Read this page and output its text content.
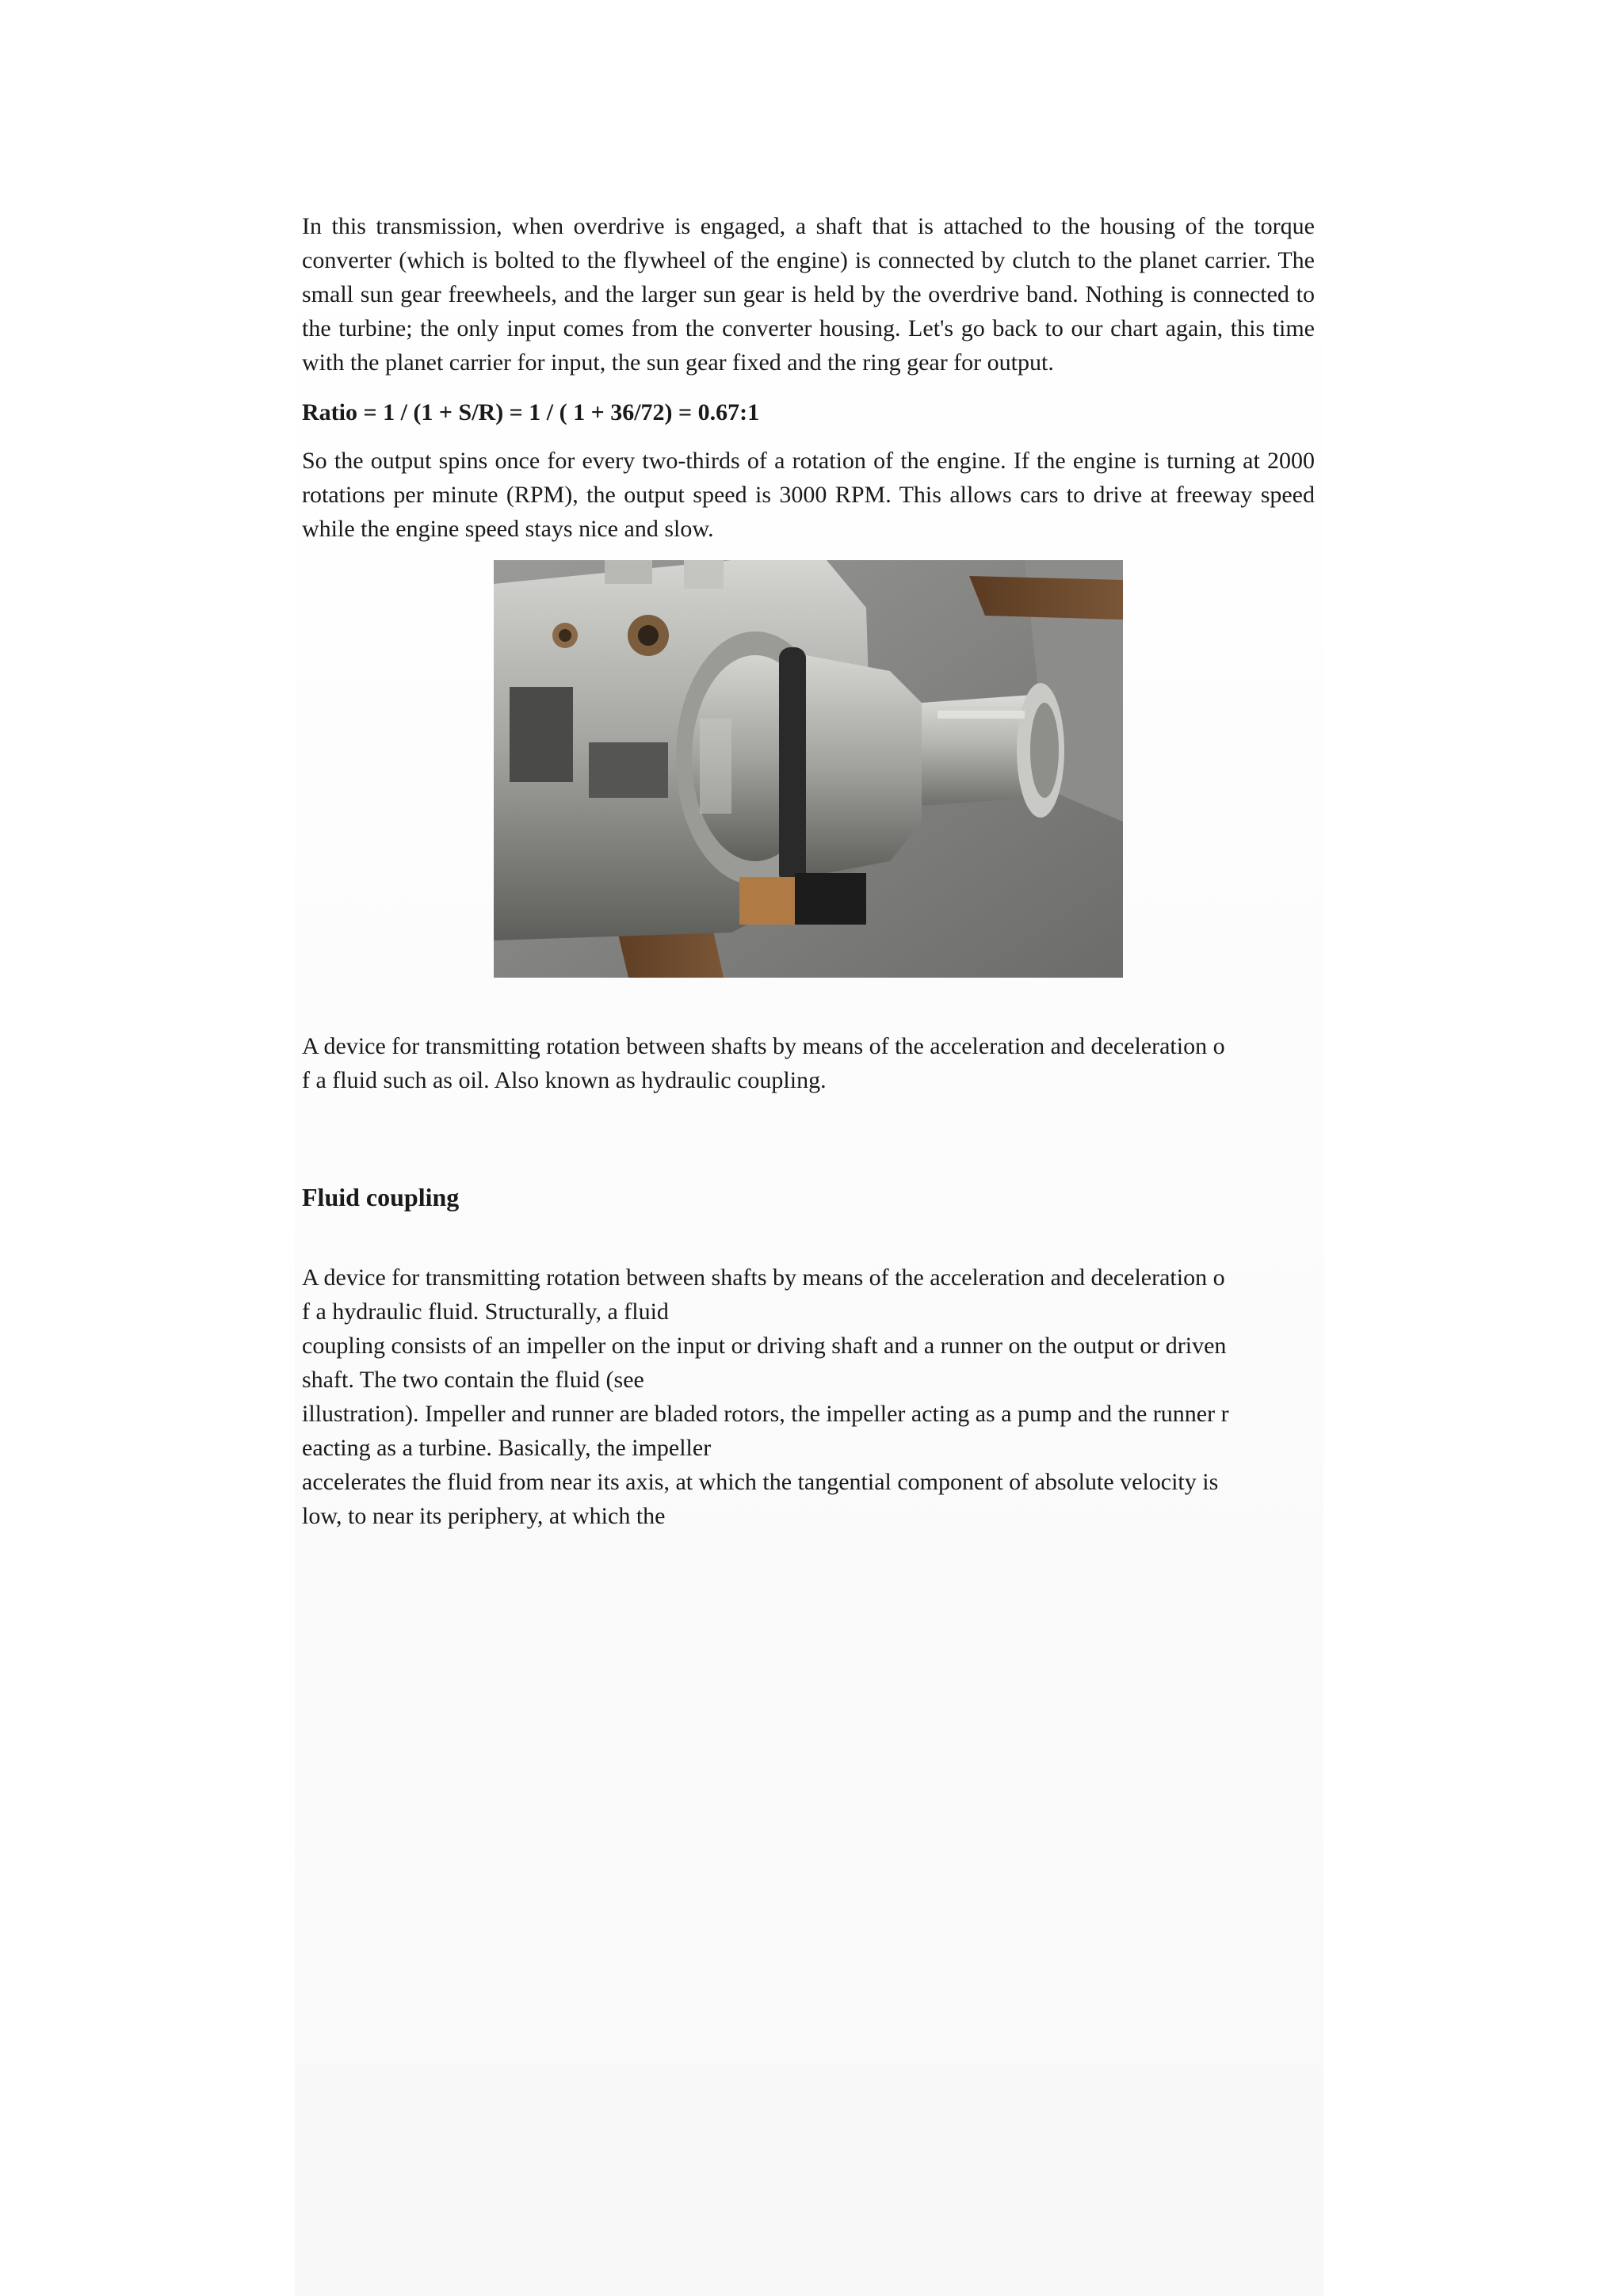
In this transmission, when overdrive is engaged, a shaft that is attached to the housing of the torque converter (which is bolted to the flywheel of the engine) is connected by clutch to the planet carrier. The small sun gear freewheels, and the larger sun gear is held by the overdrive band. Nothing is connected to the turbine; the only input comes from the converter housing. Let's go back to our chart again, this time with the planet carrier for input, the sun gear fixed and the ring gear for output.

Ratio = 1 / (1 + S/R) = 1 / ( 1 + 36/72) = 0.67:1

So the output spins once for every two-thirds of a rotation of the engine. If the engine is turning at 2000 rotations per minute (RPM), the output speed is 3000 RPM. This allows cars to drive at freeway speed while the engine speed stays nice and slow.

A device for transmitting rotation between shafts by means of the acceleration and deceleration o
f a fluid such as oil. Also known as hydraulic coupling.

Fluid coupling

A device for transmitting rotation between shafts by means of the acceleration and deceleration o
f a hydraulic fluid. Structurally, a fluid
coupling consists of an impeller on the input or driving shaft and a runner on the output or driven
shaft. The two contain the fluid (see
illustration). Impeller and runner are bladed rotors, the impeller acting as a pump and the runner r
eacting as a turbine. Basically, the impeller
accelerates the fluid from near its axis, at which the tangential component of absolute velocity is
low, to near its periphery, at which the
